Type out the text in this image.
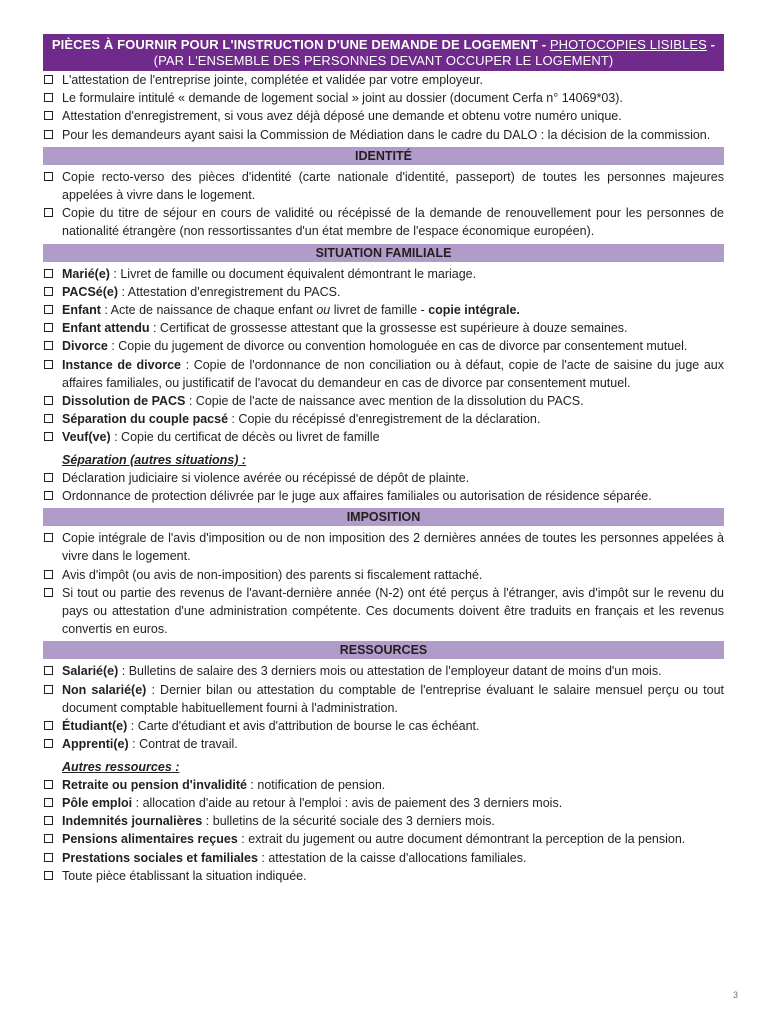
PIÈCES À FOURNIR POUR L'INSTRUCTION D'UNE DEMANDE DE LOGEMENT - PHOTOCOPIES LISIBLES -
(PAR L'ENSEMBLE DES PERSONNES DEVANT OCCUPER LE LOGEMENT)
L'attestation de l'entreprise jointe, complétée et validée par votre employeur.
Le formulaire intitulé « demande de logement social » joint au dossier (document Cerfa n° 14069*03).
Attestation d'enregistrement, si vous avez déjà déposé une demande et obtenu votre numéro unique.
Pour les demandeurs ayant saisi la Commission de Médiation dans le cadre du DALO : la décision de la commission.
IDENTITÉ
Copie recto-verso des pièces d'identité (carte nationale d'identité, passeport) de toutes les personnes majeures appelées à vivre dans le logement.
Copie du titre de séjour en cours de validité ou récépissé de la demande de renouvellement pour les personnes de nationalité étrangère (non ressortissantes d'un état membre de l'espace économique européen).
SITUATION FAMILIALE
Marié(e) : Livret de famille ou document équivalent démontrant le mariage.
PACSé(e) : Attestation d'enregistrement du PACS.
Enfant : Acte de naissance de chaque enfant ou livret de famille - copie intégrale.
Enfant attendu : Certificat de grossesse attestant que la grossesse est supérieure à douze semaines.
Divorce : Copie du jugement de divorce ou convention homologuée en cas de divorce par consentement mutuel.
Instance de divorce : Copie de l'ordonnance de non conciliation ou à défaut, copie de l'acte de saisine du juge aux affaires familiales, ou justificatif de l'avocat du demandeur en cas de divorce par consentement mutuel.
Dissolution de PACS : Copie de l'acte de naissance avec mention de la dissolution du PACS.
Séparation du couple pacsé : Copie du récépissé d'enregistrement de la déclaration.
Veuf(ve) : Copie du certificat de décès ou livret de famille
Séparation (autres situations) :
Déclaration judiciaire si violence avérée ou récépissé de dépôt de plainte.
Ordonnance de protection délivrée par le juge aux affaires familiales ou autorisation de résidence séparée.
IMPOSITION
Copie intégrale de l'avis d'imposition ou de non imposition des 2 dernières années de toutes les personnes appelées à vivre dans le logement.
Avis d'impôt (ou avis de non-imposition) des parents si fiscalement rattaché.
Si tout ou partie des revenus de l'avant-dernière année (N-2) ont été perçus à l'étranger, avis d'impôt sur le revenu du pays ou attestation d'une administration compétente. Ces documents doivent être traduits en français et les revenus convertis en euros.
RESSOURCES
Salarié(e) : Bulletins de salaire des 3 derniers mois ou attestation de l'employeur datant de moins d'un mois.
Non salarié(e) : Dernier bilan ou attestation du comptable de l'entreprise évaluant le salaire mensuel perçu ou tout document comptable habituellement fourni à l'administration.
Étudiant(e) : Carte d'étudiant et avis d'attribution de bourse le cas échéant.
Apprenti(e) : Contrat de travail.
Autres ressources :
Retraite ou pension d'invalidité : notification de pension.
Pôle emploi : allocation d'aide au retour à l'emploi : avis de paiement des 3 derniers mois.
Indemnités journalières : bulletins de la sécurité sociale des 3 derniers mois.
Pensions alimentaires reçues : extrait du jugement ou autre document démontrant la perception de la pension.
Prestations sociales et familiales : attestation de la caisse d'allocations familiales.
Toute pièce établissant la situation indiquée.
3
